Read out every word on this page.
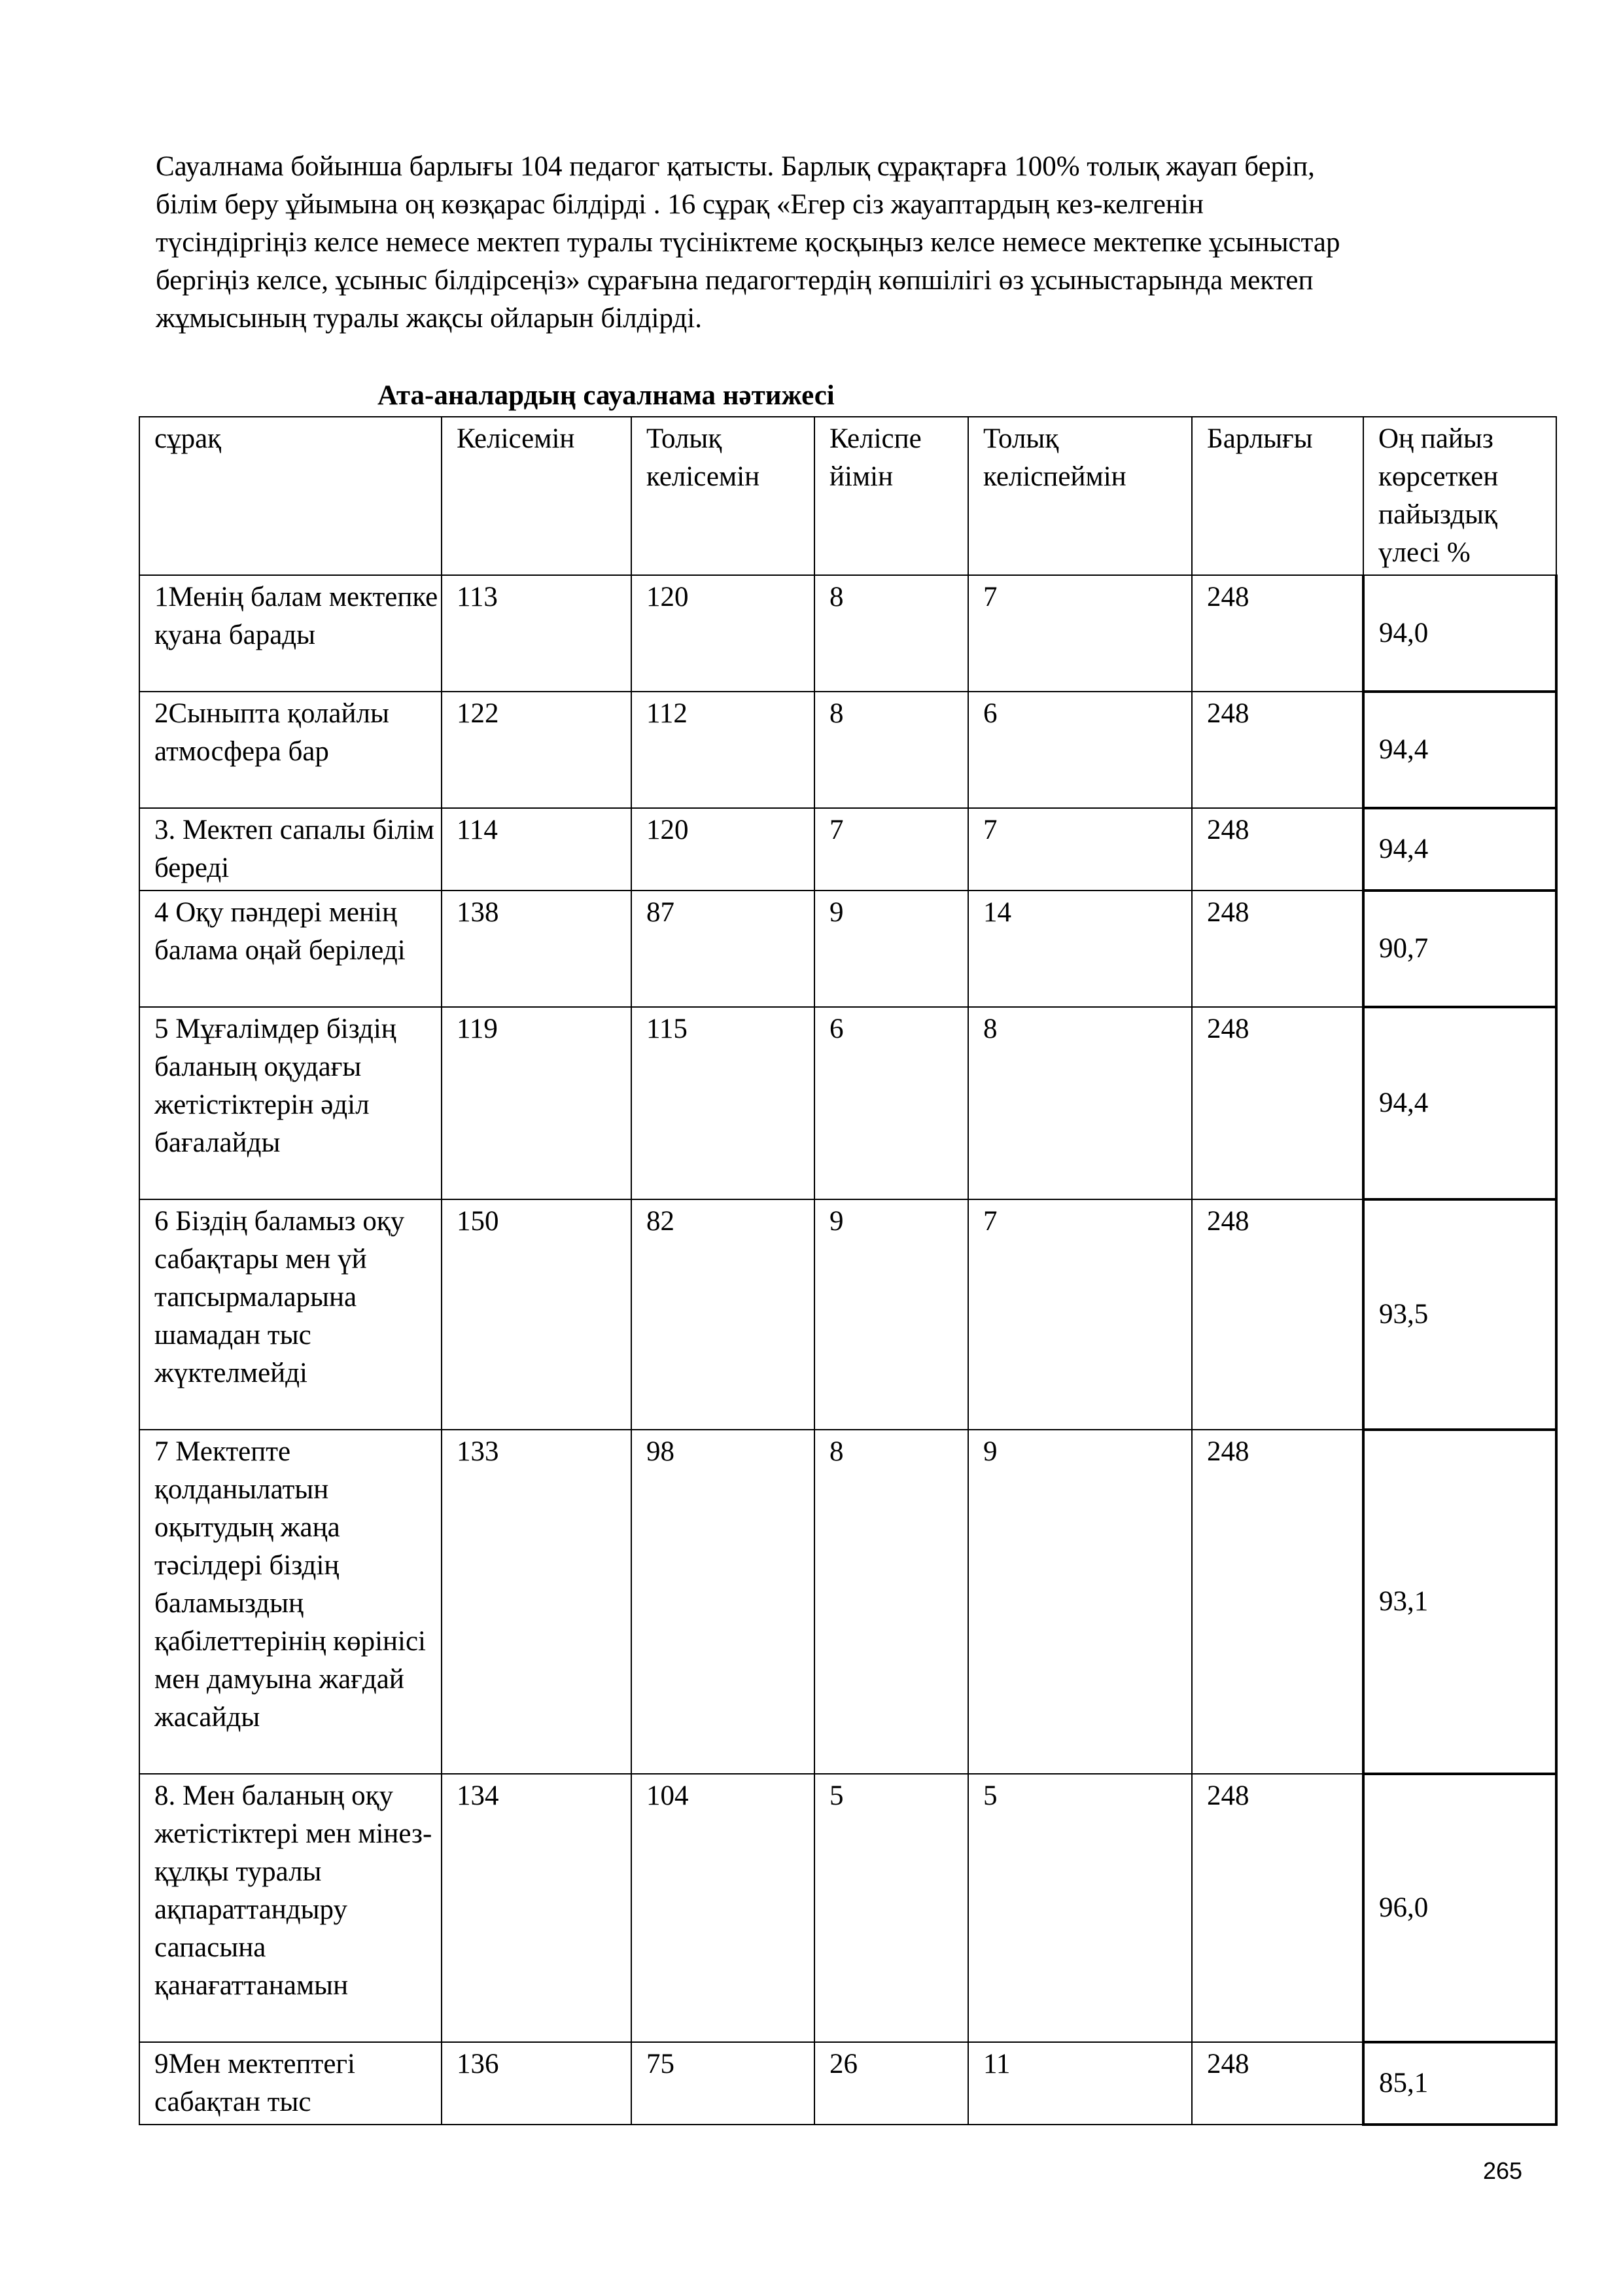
Сауалнама бойынша барлығы 104 педагог қатысты. Барлық сұрақтарға 100% толық жауап беріп,
білім беру ұйымына оң көзқарас білдірді . 16 сұрақ «Егер сіз жауаптардың кез-келгенін
түсіндіргіңіз келсе немесе мектеп туралы түсініктеме қосқыңыз келсе немесе мектепке ұсыныстар
бергіңіз келсе, ұсыныс білдірсеңіз» сұрағына педагогтердің көпшілігі өз ұсыныстарында мектеп
жұмысының туралы жақсы ойларын білдірді.
Ата-аналардың сауалнама нәтижесі
сұрақ	Келісемін	Толық келісемін	Келіспе йімін	Толық келіспеймін	Барлығы	Оң пайыз көрсеткен пайыздық үлесі %
1Менің балам мектепке қуана барады	113	120	8	7	248	94,0
2Сыныпта қолайлы атмосфера бар	122	112	8	6	248	94,4
3. Мектеп сапалы білім береді	114	120	7	7	248	94,4
4 Оқу пәндері менің балама оңай беріледі	138	87	9	14	248	90,7
5 Мұғалімдер біздің баланың оқудағы жетістіктерін әділ бағалайды	119	115	6	8	248	94,4
6 Біздің баламыз оқу сабақтары мен үй тапсырмаларына шамадан тыс жүктелмейді	150	82	9	7	248	93,5
7 Мектепте қолданылатын оқытудың жаңа тәсілдері біздің баламыздың қабілеттерінің көрінісі мен дамуына жағдай жасайды	133	98	8	9	248	93,1
8. Мен баланың оқу жетістіктері мен мінез-құлқы туралы ақпараттандыру сапасына қанағаттанамын	134	104	5	5	248	96,0
9Мен мектептегі сабақтан тыс	136	75	26	11	248	85,1
265
